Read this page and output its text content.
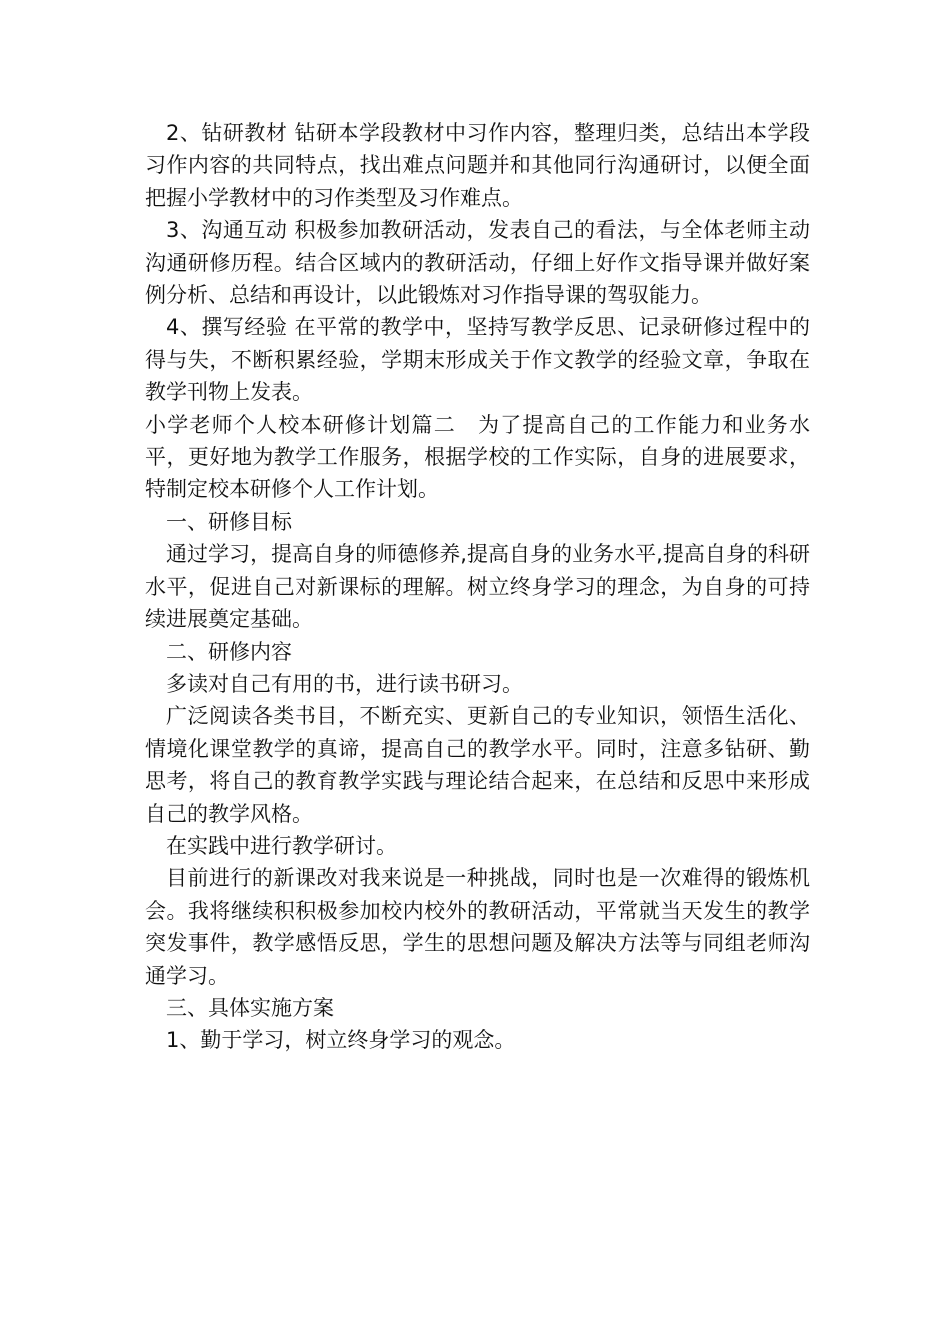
2、钻研教材 钻研本学段教材中习作内容，整理归类，总结出本学段习作内容的共同特点，找出难点问题并和其他同行沟通研讨，以便全面把握小学教材中的习作类型及习作难点。

3、沟通互动 积极参加教研活动，发表自己的看法，与全体老师主动沟通研修历程。结合区域内的教研活动，仔细上好作文指导课并做好案例分析、总结和再设计，以此锻炼对习作指导课的驾驭能力。

4、撰写经验 在平常的教学中，坚持写教学反思、记录研修过程中的得与失，不断积累经验，学期末形成关于作文教学的经验文章，争取在教学刊物上发表。

小学老师个人校本研修计划篇二　为了提高自己的工作能力和业务水平，更好地为教学工作服务，根据学校的工作实际，自身的进展要求，特制定校本研修个人工作计划。

一、研修目标

通过学习，提高自身的师德修养,提高自身的业务水平,提高自身的科研水平，促进自己对新课标的理解。树立终身学习的理念，为自身的可持续进展奠定基础。

二、研修内容

多读对自己有用的书，进行读书研习。

广泛阅读各类书目，不断充实、更新自己的专业知识，领悟生活化、情境化课堂教学的真谛，提高自己的教学水平。同时，注意多钻研、勤思考，将自己的教育教学实践与理论结合起来，在总结和反思中来形成自己的教学风格。

在实践中进行教学研讨。

目前进行的新课改对我来说是一种挑战，同时也是一次难得的锻炼机会。我将继续积积极参加校内校外的教研活动，平常就当天发生的教学突发事件，教学感悟反思，学生的思想问题及解决方法等与同组老师沟通学习。

三、具体实施方案

1、勤于学习，树立终身学习的观念。
